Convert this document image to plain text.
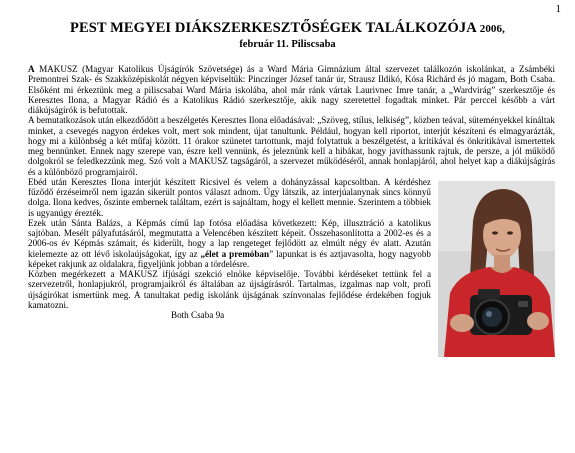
1
PEST MEGYEI DIÁKSZERKESZTŐSÉGEK TALÁLKOZÓJA 2006,
február 11. Piliscsaba

A MAKUSZ (Magyar Katolikus Újságírók Szövetsége) ás a Ward Mária Gimnázium által szervezet találkozón iskolánkat, a Zsámbéki Premontrei Szak- és Szakközépiskolát négyen képviseltük: Pinczinger József tanár úr, Strausz Ildikó, Kósa Richárd és jó magam, Both Csaba. Elsőként mi érkeztünk meg a piliscsabai Ward Mária iskolába, ahol már ránk vártak Laurivnec Imre tanár, a „Wardvirág” szerkesztője és Keresztes Ilona, a Magyar Rádió és a Katolikus Rádió szerkesztője, akik nagy szeretettel fogadtak minket. Pár perccel később a várt diákújságírók is befutottak.

A bemutatkozások után elkezdődött a beszélgetés Keresztes Ilona előadásával: „Szöveg, stílus, lelkiség”, közben teával, süteményekkel kínáltak minket, a csevegés nagyon érdekes volt, mert sok mindent, újat tanultunk. Például, hogyan kell riportot, interjút készíteni és elmagyarázták, hogy mi a különbség a két műfaj között. 11 órakor szünetet tartottunk, majd folytattuk a beszélgetést, a kritikával és önkritikával ismertettek meg bennünket. Ennek nagy szerepe van, észre kell vennünk, és jeleznünk kell a hibákat, hogy javíthassunk rajtuk, de persze, a jól működő dolgokról se feledkezzünk meg. Szó volt a MAKUSZ tagságáról, a szervezet működéséről, annak honlapjáról, ahol helyet kap a diákújságírás és a különböző programjairól.

Ebéd után Keresztes Ilona interjút készített Ricsivel és velem a dohányzással kapcsoltban. A kérdéshez fűződő érzéseimről nem igazán sikerült pontos választ adnom. Úgy látszik, az interjúalanynak sincs könnyű dolga. Ilona kedves, őszinte embernek találtam, ezért is sajnáltam, hogy el kellett mennie. Szerintem a többiek is ugyanúgy érezték.

Ezek után Sánta Balázs, a Képmás című lap fotósa előadása következett: Kép, illusztráció a katolikus sajtóban. Mesélt pályafutásáról, megmutatta a Velencében készített képeit. Összehasonlította a 2002-es és a 2006-os év Képmás számait, és kiderült, hogy a lap rengeteget fejlődött az elmúlt négy év alatt. Azután kielemezte az ott lévő iskolaújságokat, így az „élet a premóban” lapunkat is és aztjavasolta, hogy nagyobb képeket rakjunk az oldalakra, figyeljünk jobban a tördelésre.

Közben megérkezett a MAKUSZ ifjúsági szekció elnöke képviselője. További kérdéseket tettünk fel a szervezetről, honlapjukról, programjaikról és általában az újságírásról. Tartalmas, izgalmas nap volt, profi újságírókat ismertünk meg. A tanultakat pedig iskolánk újságának színvonalas fejlődése érdekében fogjuk kamatozni.

Both Csaba 9a
